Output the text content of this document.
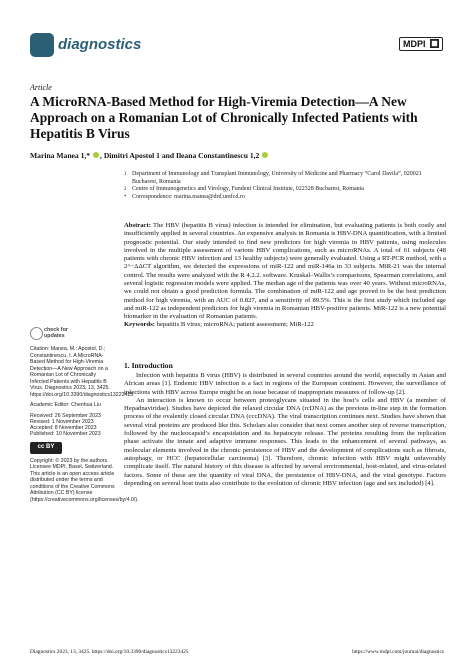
diagnostics	MDPI
Article
A MicroRNA-Based Method for High-Viremia Detection—A New Approach on a Romanian Lot of Chronically Infected Patients with Hepatitis B Virus
Marina Manea 1,* , Dimitri Apostol 1 and Ileana Constantinescu 1,2
1 Department of Immunology and Transplant Immunology, University of Medicine and Pharmacy “Carol Davila”, 020021 Bucharest, Romania
2 Centre of Immunogenetics and Virology, Fundeni Clinical Institute, 022328 Bucharest, Romania
* Correspondence: marina.manea@drd.umfcd.ro
Abstract: The HBV (hepatitis B virus) infection is intended for elimination, but evaluating patients is both costly and insufficiently applied in several countries. An expensive analysis in Romania is HBV-DNA quantification, with a limited prognostic potential. Our study intended to find new predictors for high viremia in HBV patients, using molecules involved in the multiple assessment of various HBV complications, such as microRNAs. A total of 61 subjects (48 patients with chronic HBV infection and 13 healthy subjects) were generally evaluated. Using a RT-PCR method, with a 2^−ΔΔCT algorithm, we detected the expressions of miR-122 and miR-146a in 33 subjects. MiR-21 was the internal control. The results were analyzed with the R 4.2.2. software. Kruskal–Wallis’s comparisons, Spearman correlations, and several logistic regression models were applied. The median age of the patients was over 40 years. Without microRNAs, we could not obtain a good prediction formula. The combination of miR-122 and age proved to be the best prediction method for high viremia, with an AUC of 0.827, and a sensitivity of 89.5%. This is the first study which included age and miR-122 as independent predictors for high viremia in Romanian HBV-positive patients. MiR-122 is a new potential biomarker in the evaluation of Romanian patients.
Keywords: hepatitis B virus; microRNA; patient assessment; MiR-122
check for
updates
Citation: Manea, M.; Apostol, D.; Constantinescu, I. A MicroRNA-Based Method for High-Viremia Detection—A New Approach on a Romanian Lot of Chronically Infected Patients with Hepatitis B Virus. Diagnostics 2023, 13, 3425. https://doi.org/10.3390/diagnostics13223425
Academic Editor: Chenhua Liu
Received: 26 September 2023
Revised: 1 November 2023
Accepted: 8 November 2023
Published: 10 November 2023
cc BY
Copyright: © 2023 by the authors. Licensee MDPI, Basel, Switzerland. This article is an open access article distributed under the terms and conditions of the Creative Commons Attribution (CC BY) license (https://creativecommons.org/licenses/by/4.0/).
1. Introduction

Infection with hepatitis B virus (HBV) is distributed in several countries around the world, especially in Asian and African areas [1]. Endemic HBV infection is a fact in regions of the European continent. However, the surveillance of infections with HBV across Europe might be an issue because of inappropriate measures of follow-up [2].

An interaction is known to occur between proteoglycans situated in the host’s cells and HBV (a member of Hepadnaviridae). Studies have depicted the relaxed circular DNA (rcDNA) as the previous in-line step in the formation process of the ovalently closed circular DNA (cccDNA). The viral transcription continues next. Studies have shown that several viral proteins are produced like this. Scholars also consider that next comes another step of reverse transcription, followed by the nucleocapsid’s encapsidation and its hepatocyte release. The proteins resulting from the replication phase activate the innate and adaptive immune responses. This leads to the enhancement of several pathways, as molecular elements involved in the chronic persistence of HBV and the development of complications such as fibrosis, autophagy, or HCC (hepatocellular carcinoma) [3]. Therefore, chronic infection with HBV might unfavorably complicate itself. The natural history of this disease is affected by several environmental, host-related, and virus-related factors. Some of these are the quantity of viral DNA, the persistence of HBV-DNA, and the viral genotype. Factors depending on several host traits also contribute to the evolution of chronic HBV infection (age and sex included) [4].

Diagnostics 2023, 13, 3425. https://doi.org/10.3390/diagnostics13223425	https://www.mdpi.com/journal/diagnostics
